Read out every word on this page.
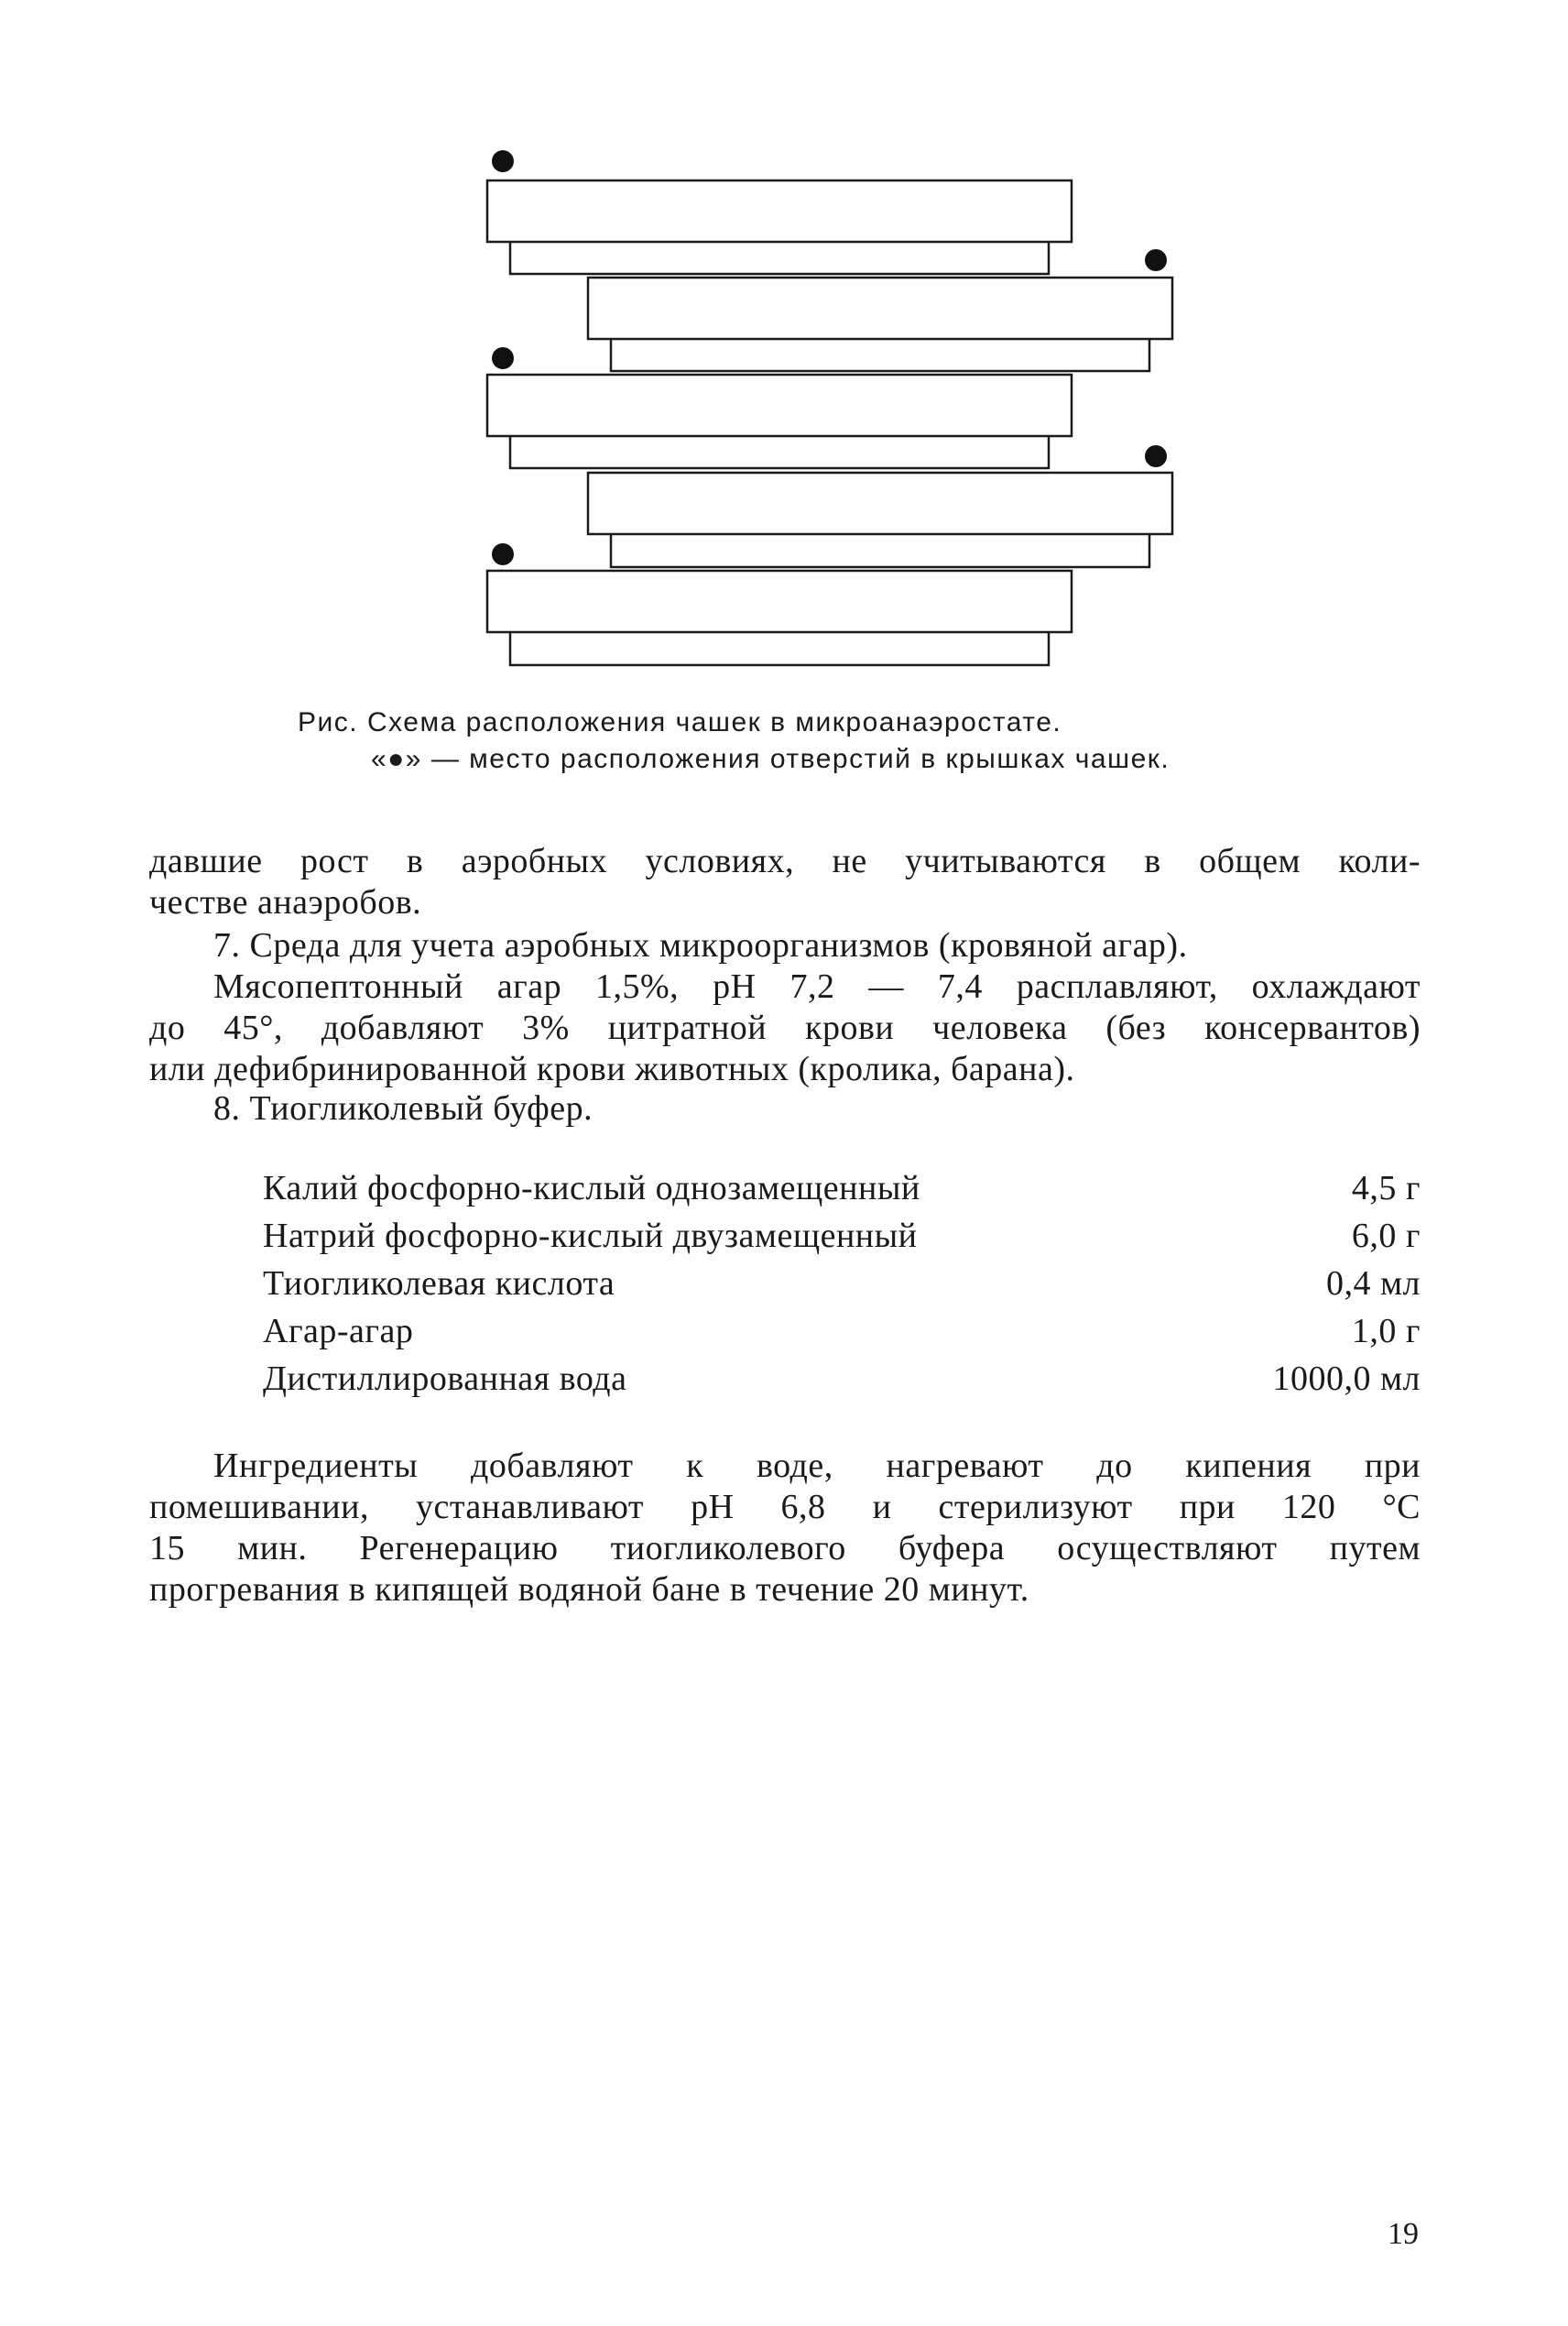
Рис. Схема расположения чашек в микроанаэростате.
«●» — место расположения отверстий в крышках чашек.
давшие рост в аэробных условиях, не учитываются в общем коли-
честве анаэробов.
7. Среда для учета аэробных микроорганизмов (кровяной агар).
Мясопептонный агар 1,5%, рН 7,2 — 7,4 расплавляют, охлаждают
до 45°, добавляют 3% цитратной крови человека (без консервантов)
или дефибринированной крови животных (кролика, барана).
8. Тиогликолевый буфер.
Калий фосфорно-кислый однозамещенный	4,5 г
Натрий фосфорно-кислый двузамещенный	6,0 г
Тиогликолевая кислота	0,4 мл
Агар-агар	1,0 г
Дистиллированная вода	1000,0 мл
Ингредиенты добавляют к воде, нагревают до кипения при
помешивании, устанавливают рН 6,8 и стерилизуют при 120 °С
15 мин. Регенерацию тиогликолевого буфера осуществляют путем
прогревания в кипящей водяной бане в течение 20 минут.
19
